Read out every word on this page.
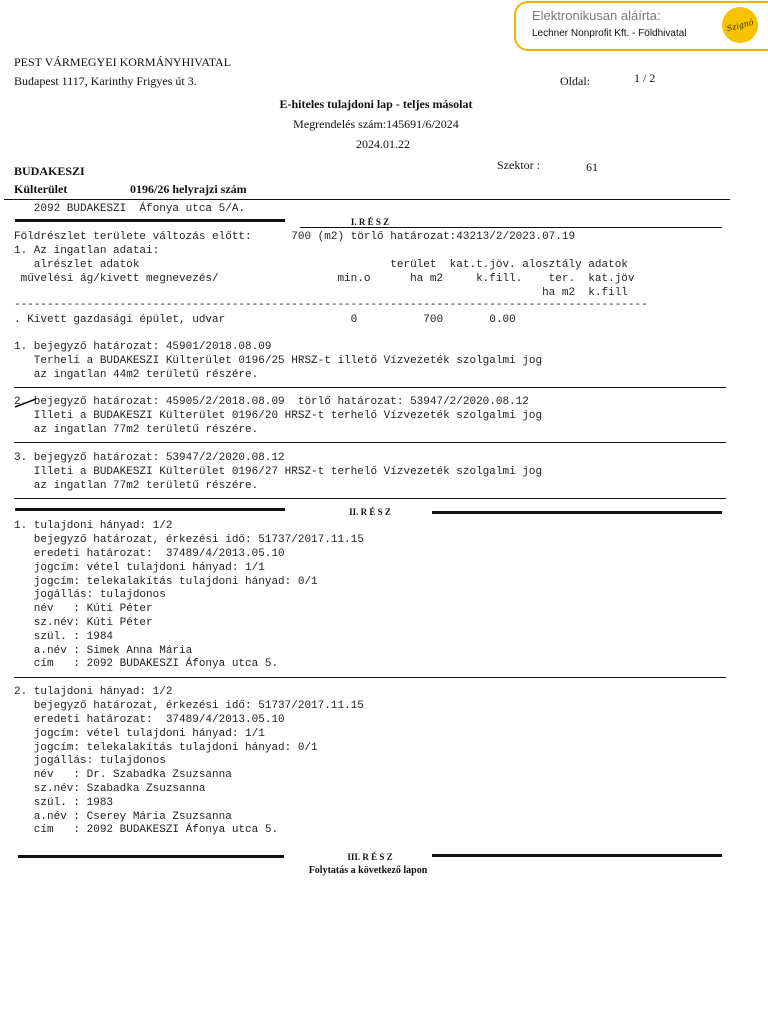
Elektronikusan aláírta:
Lechner Nonprofit Kft. - Földhivatal
Szignó
PEST VÁRMEGYEI KORMÁNYHIVATAL
Budapest 1117, Karinthy Frigyes út 3.	Oldal:	1 / 2
E-hiteles tulajdoni lap - teljes másolat
Megrendelés szám:145691/6/2024
2024.01.22
BUDAKESZI	Szektor :	61
Külterület	0196/26 helyrajzi szám
2092 BUDAKESZI  Áfonya utca 5/A.
I. R É S Z
Földrészlet területe változás előtt:      700 (m2) törlő határozat:43213/2/2023.07.19
1. Az ingatlan adatai:
alrészlet adatok                                      terület  kat.t.jöv. alosztály adatok
művelési ág/kivett megnevezés/                  min.o      ha m2     k.fill.    ter.  kat.jöv
ha m2  k.fill
------------------------------------------------------------------------------------------------
. Kivett gazdasági épület, udvar                   0          700       0.00
1. bejegyző határozat: 45901/2018.08.09
Terheli a BUDAKESZI Külterület 0196/25 HRSZ-t illető Vízvezeték szolgalmi jog
az ingatlan 44m2 területű részére.
2. bejegyző határozat: 45905/2/2018.08.09  törlő határozat: 53947/2/2020.08.12
Illeti a BUDAKESZI Külterület 0196/20 HRSZ-t terhelő Vízvezeték szolgalmi jog
az ingatlan 77m2 területű részére.
3. bejegyző határozat: 53947/2/2020.08.12
Illeti a BUDAKESZI Külterület 0196/27 HRSZ-t terhelő Vízvezeték szolgalmi jog
az ingatlan 77m2 területű részére.
II. R É S Z
1. tulajdoni hányad: 1/2
bejegyző határozat, érkezési idő: 51737/2017.11.15
eredeti határozat:  37489/4/2013.05.10
jogcím: vétel tulajdoni hányad: 1/1
jogcím: telekalakítás tulajdoni hányad: 0/1
jogállás: tulajdonos
név   : Kúti Péter
sz.név: Kúti Péter
szül. : 1984
a.név : Simek Anna Mária
cím   : 2092 BUDAKESZI Áfonya utca 5.
2. tulajdoni hányad: 1/2
bejegyző határozat, érkezési idő: 51737/2017.11.15
eredeti határozat:  37489/4/2013.05.10
jogcím: vétel tulajdoni hányad: 1/1
jogcím: telekalakítás tulajdoni hányad: 0/1
jogállás: tulajdonos
név   : Dr. Szabadka Zsuzsanna
sz.név: Szabadka Zsuzsanna
szül. : 1983
a.név : Cserey Mária Zsuzsanna
cím   : 2092 BUDAKESZI Áfonya utca 5.
III. R É S Z
Folytatás a következő lapon
